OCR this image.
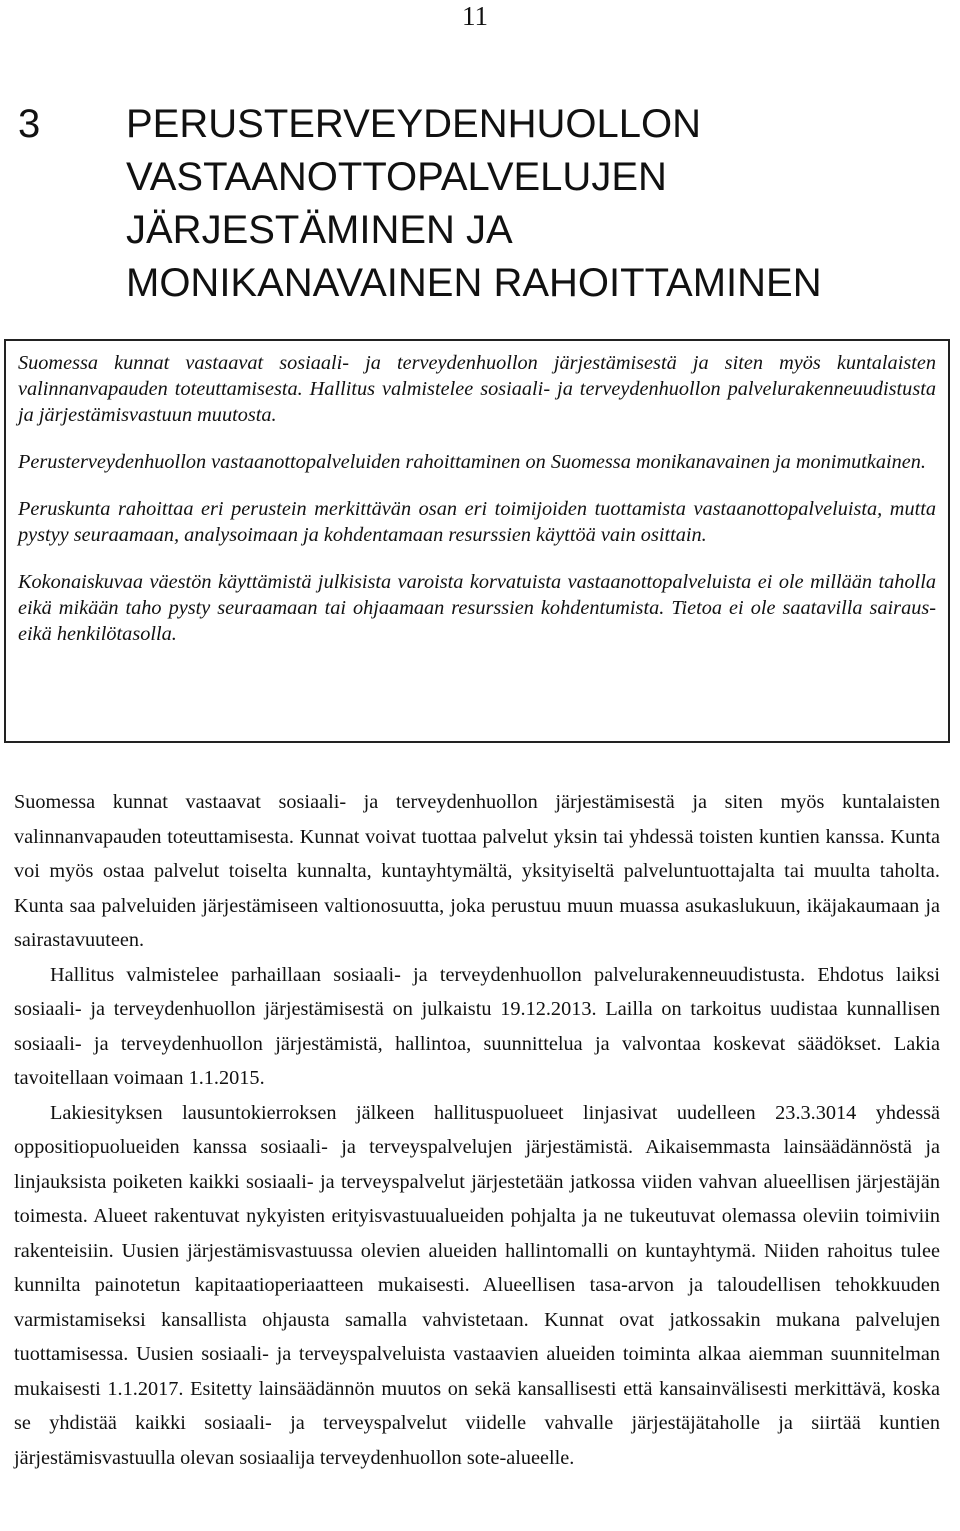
11
3 PERUSTERVEYDENHUOLLON
VASTAANOTTOPALVELUJEN
JÄRJESTÄMINEN JA
MONIKANAVAINEN RAHOITTAMINEN

Suomessa kunnat vastaavat sosiaali- ja terveydenhuollon järjestämisestä ja siten myös kuntalaisten valinnanvapauden toteuttamisesta. Hallitus valmistelee sosiaali- ja terveydenhuollon palvelurakenneuudistusta ja järjestämisvastuun muutosta.

Perusterveydenhuollon vastaanottopalveluiden rahoittaminen on Suomessa monikanavainen ja monimutkainen.

Peruskunta rahoittaa eri perustein merkittävän osan eri toimijoiden tuottamista vastaanottopalveluista, mutta pystyy seuraamaan, analysoimaan ja kohdentamaan resurssien käyttöä vain osittain.

Kokonaiskuvaa väestön käyttämistä julkisista varoista korvatuista vastaanottopalveluista ei ole millään taholla eikä mikään taho pysty seuraamaan tai ohjaamaan resurssien kohdentumista. Tietoa ei ole saatavilla sairaus- eikä henkilötasolla.

Suomessa kunnat vastaavat sosiaali- ja terveydenhuollon järjestämisestä ja siten myös kuntalaisten valinnanvapauden toteuttamisesta. Kunnat voivat tuottaa palvelut yksin tai yhdessä toisten kuntien kanssa. Kunta voi myös ostaa palvelut toiselta kunnalta, kuntayhtymältä, yksityiseltä palveluntuottajalta tai muulta taholta. Kunta saa palveluiden järjestämiseen valtionosuutta, joka perustuu muun muassa asukaslukuun, ikäjakaumaan ja sairastavuuteen.

Hallitus valmistelee parhaillaan sosiaali- ja terveydenhuollon palvelurakenneuudistusta. Ehdotus laiksi sosiaali- ja terveydenhuollon järjestämisestä on julkaistu 19.12.2013. Lailla on tarkoitus uudistaa kunnallisen sosiaali- ja terveydenhuollon järjestämistä, hallintoa, suunnittelua ja valvontaa koskevat säädökset. Lakia tavoitellaan voimaan 1.1.2015.

Lakiesityksen lausuntokierroksen jälkeen hallituspuolueet linjasivat uudelleen 23.3.3014 yhdessä oppositiopuolueiden kanssa sosiaali- ja terveyspalvelujen järjestämistä. Aikaisemmasta lainsäädännöstä ja linjauksista poiketen kaikki sosiaali- ja terveyspalvelut järjestetään jatkossa viiden vahvan alueellisen järjestäjän toimesta. Alueet rakentuvat nykyisten erityisvastuualueiden pohjalta ja ne tukeutuvat olemassa oleviin toimiviin rakenteisiin. Uusien järjestämisvastuussa olevien alueiden hallintomalli on kuntayhtymä. Niiden rahoitus tulee kunnilta painotetun kapitaatioperiaatteen mukaisesti. Alueellisen tasa-arvon ja taloudellisen tehokkuuden varmistamiseksi kansallista ohjausta samalla vahvistetaan. Kunnat ovat jatkossakin mukana palvelujen tuottamisessa. Uusien sosiaali- ja terveyspalveluista vastaavien alueiden toiminta alkaa aiemman suunnitelman mukaisesti 1.1.2017. Esitetty lainsäädännön muutos on sekä kansallisesti että kansainvälisesti merkittävä, koska se yhdistää kaikki sosiaali- ja terveyspalvelut viidelle vahvalle järjestäjätaholle ja siirtää kuntien järjestämisvastuulla olevan sosiaalija terveydenhuollon sote-alueelle.
